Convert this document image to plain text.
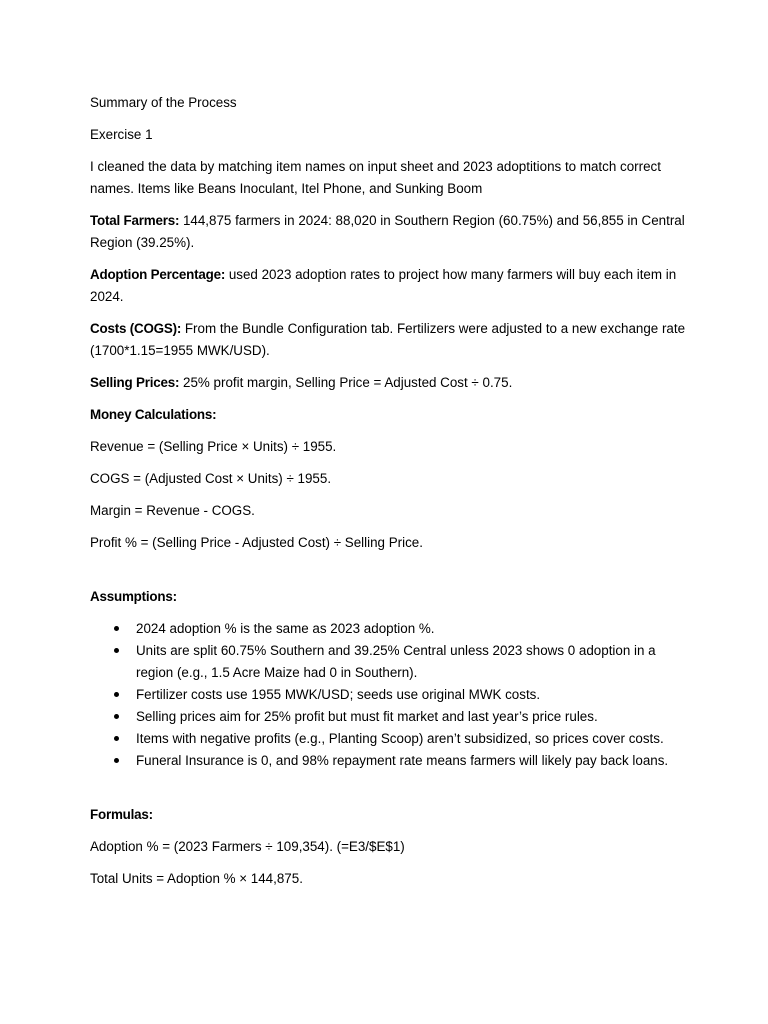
Summary of the Process

Exercise 1

I cleaned the data by matching item names on input sheet and 2023 adoptitions to match correct names. Items like Beans Inoculant, Itel Phone, and Sunking Boom

Total Farmers: 144,875 farmers in 2024: 88,020 in Southern Region (60.75%) and 56,855 in Central Region (39.25%).

Adoption Percentage: used 2023 adoption rates to project how many farmers will buy each item in 2024.

Costs (COGS): From the Bundle Configuration tab. Fertilizers were adjusted to a new exchange rate (1700*1.15=1955 MWK/USD).

Selling Prices: 25% profit margin, Selling Price = Adjusted Cost ÷ 0.75.

Money Calculations:

Revenue = (Selling Price × Units) ÷ 1955.

COGS = (Adjusted Cost × Units) ÷ 1955.

Margin = Revenue - COGS.

Profit % = (Selling Price - Adjusted Cost) ÷ Selling Price.

Assumptions:

2024 adoption % is the same as 2023 adoption %.
Units are split 60.75% Southern and 39.25% Central unless 2023 shows 0 adoption in a region (e.g., 1.5 Acre Maize had 0 in Southern).
Fertilizer costs use 1955 MWK/USD; seeds use original MWK costs.
Selling prices aim for 25% profit but must fit market and last year’s price rules.
Items with negative profits (e.g., Planting Scoop) aren’t subsidized, so prices cover costs.
Funeral Insurance is 0, and 98% repayment rate means farmers will likely pay back loans.

Formulas:

Adoption % = (2023 Farmers ÷ 109,354). (=E3/$E$1)

Total Units = Adoption % × 144,875.
